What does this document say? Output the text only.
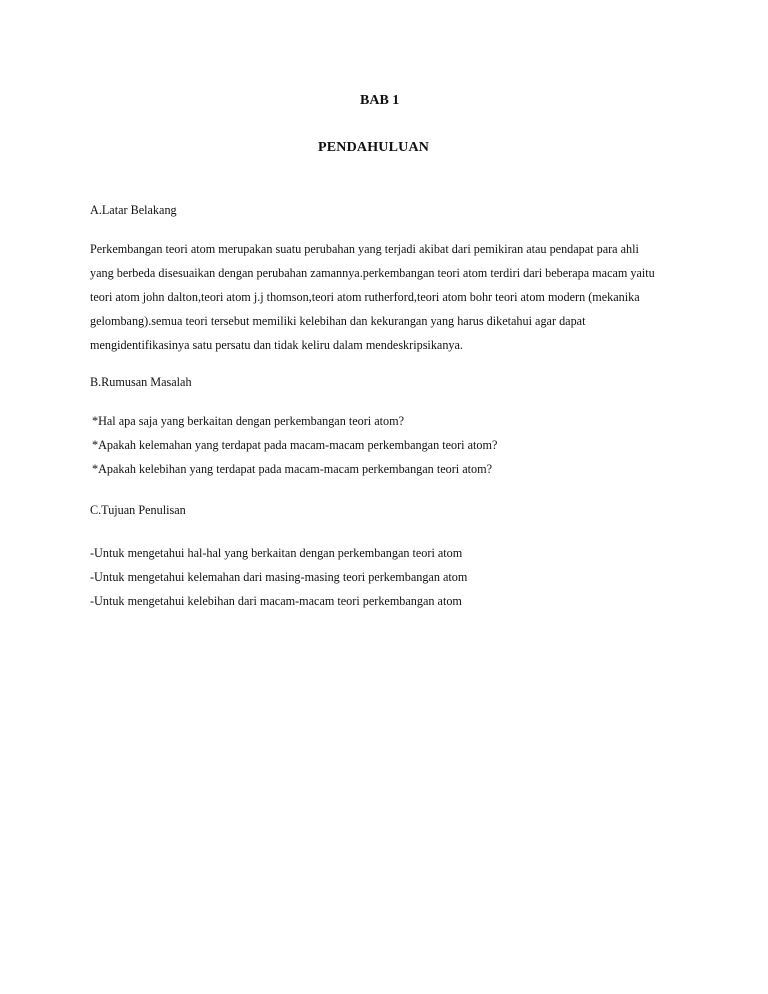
BAB 1
PENDAHULUAN
A.Latar Belakang
Perkembangan teori atom merupakan suatu perubahan yang terjadi akibat dari pemikiran atau pendapat para ahli
yang berbeda disesuaikan dengan perubahan zamannya.perkembangan teori atom terdiri dari beberapa macam yaitu
teori atom john dalton,teori atom j.j thomson,teori atom rutherford,teori atom bohr teori atom modern (mekanika
gelombang).semua teori tersebut memiliki kelebihan dan kekurangan yang harus diketahui agar dapat
mengidentifikasinya satu persatu dan tidak keliru dalam mendeskripsikanya.
B.Rumusan Masalah
*Hal apa saja yang berkaitan dengan perkembangan teori atom?
*Apakah kelemahan yang terdapat pada macam-macam perkembangan teori atom?
*Apakah kelebihan yang terdapat pada macam-macam perkembangan teori atom?
C.Tujuan Penulisan
-Untuk mengetahui hal-hal yang berkaitan dengan perkembangan teori atom
-Untuk mengetahui kelemahan dari masing-masing teori perkembangan atom
-Untuk mengetahui kelebihan dari macam-macam teori perkembangan atom
